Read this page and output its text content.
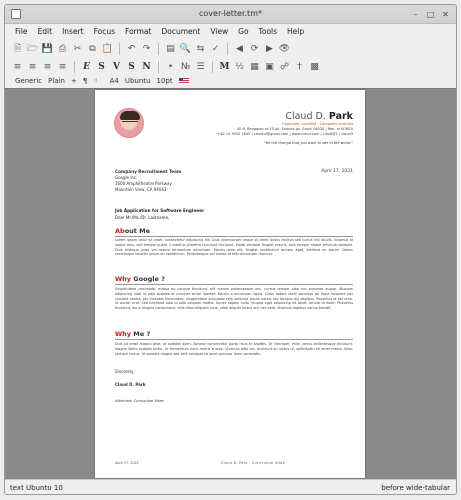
cover-letter.tm*	–	□ ✕
File	Edit	Insert	Focus	Format	Document	View	Go	Tools	Help
🗎 🗁 💾 ⎙ ✂ ⧉ 📋	↶ ↷	▤ 🔍 ⇆ ✓	◀ ⟳ ▶ 👁
≡ ≡ ≡ ≡	E S V S N	• № ☰ M ½ ▦ ▣ ☍ † ▩
Generic Plain + ¶ ☝ A4 Ubuntu 10pt
Claud D. Park
Computer, scientist · Computer scientist
40 B, Bangqiao-ro 13-gil, Seocho-gu, Seoul 06528 | Rep. of KOREA
+82 10 9000 1845 | claud.d@gmail.com | www.claud.com | claud@1 | claud3
"Be the change that you want to see in the world."
Company Recruitment Team
Google Inc.
1600 Amphitheatre Parkway
Mountain View, CA 94043
April 17, 2021
Job Application for Software Engineer
Dear Mr./Ms./Dr. Lastname,
About Me
Lorem ipsum dolor sit amet, consectetur adipiscing elit. Duis ullamcorper neque sit amet lectus facilisis sed luctus nisl iaculis. Vivamus at neque arcu, sed tempor quam. Curabitur pharetra tincidunt tincidunt. Morbi volutpat feugiat mauris, quis tempor neque vehicula volutpat. Duis tristique justo vel massa fermentum accumsan. Mauris ante elit, feugiat vestibulum tempor eget, eleifend ac ipsum. Donec scelerisque lobortis ipsum eu vestibulum. Pellentesque vel massa at felis accumsan rhoncus.
Why Google ?
Suspendisse commodo, massa eu congue tincidunt, elit mauris pellentesque orci, cursus tempor odio nisl euismod augue. Aliquam adipiscing nibh ut odio sodales et pulvinar tortor laoreet. Mauris a accumsan ligula. Class aptent taciti sociosqu ad litora torquent per conubia nostra, per inceptos himenaeos. Suspendisse vulputate sem vehicula ipsum varius nec tempus dui dapibus. Phasellus et est urna, ut auctor erat. Sed tincidunt odio id odio aliquam mattis. Donec sapien nulla, feugiat eget adipiscing sit amet, lacinia ut dolor. Phasellus tincidunt, leo a fringilla consectetur, felis diam aliquam urna, vitae aliquet lectus orci nec velit. Vivamus dapibus varius blandit.
Why Me ?
Duis sit amet magna ante, at sodales diam. Aenean consectetur porta risus et sagittis. Ut interdum, enim varius pellentesque tincidunt, magna libero sodales tortor, ut fermentum nunc metus a ante. Vivamus odio leo, tincidunt eu luctus ut, sollicitudin sit amet metus. Nunc sed orci lectus. Ut sodales magna sed velit volutpat sit amet pulvinar diam venenatis.
Sincerely,
Claud D. Park
Attached: Curriculum Vitae
April 17, 2021	Claud D. Park · Curriculum Vitae
text Ubuntu 10	before wide-tabular
